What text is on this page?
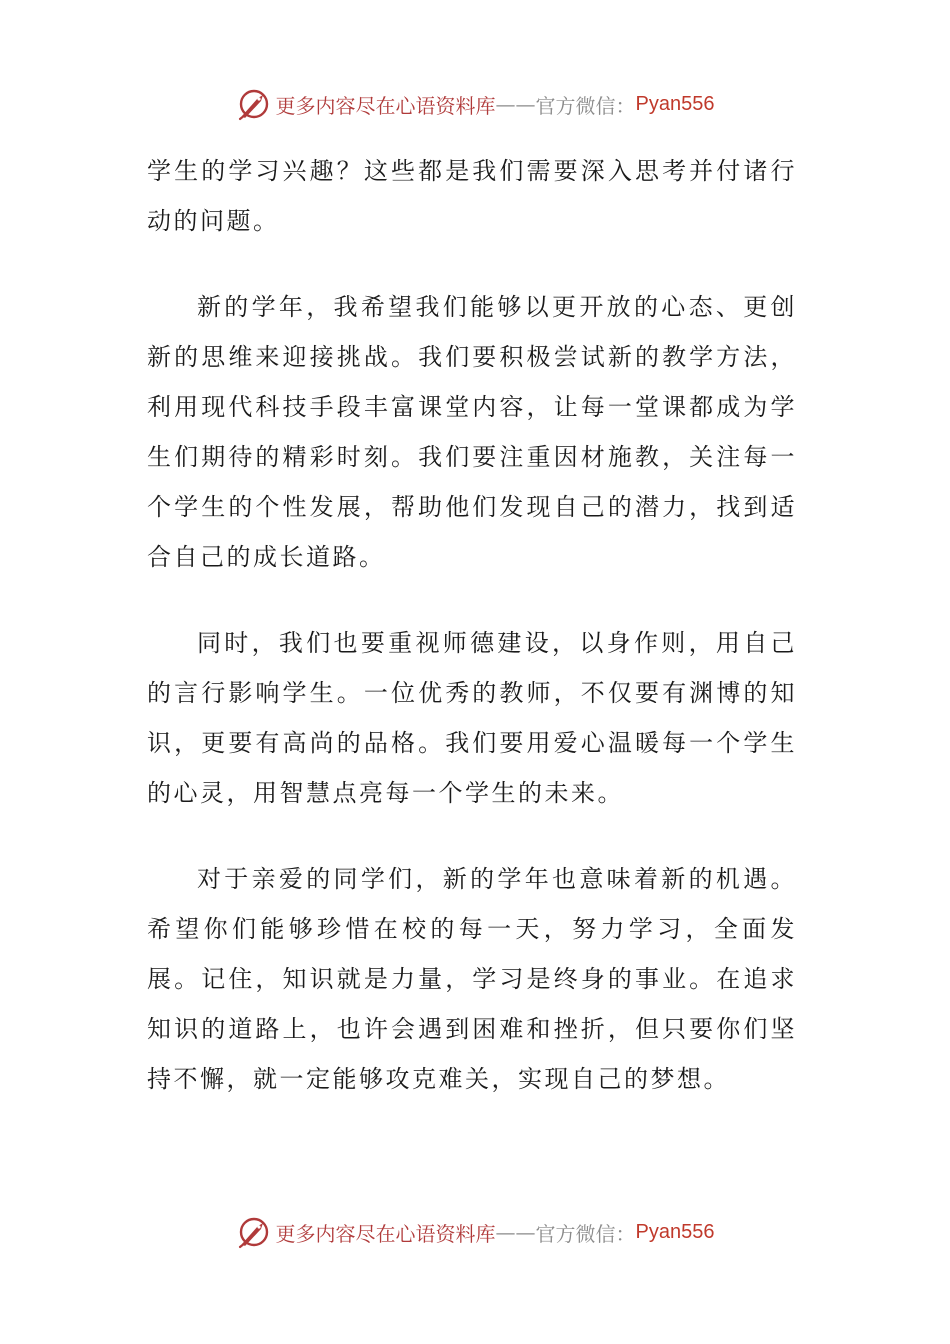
更多内容尽在心语资料库 —— 官方微信： Pyan556

学生的学习兴趣？这些都是我们需要深入思考并付诸行动的问题。

新的学年，我希望我们能够以更开放的心态、更创新的思维来迎接挑战。我们要积极尝试新的教学方法，利用现代科技手段丰富课堂内容，让每一堂课都成为学生们期待的精彩时刻。我们要注重因材施教，关注每一个学生的个性发展，帮助他们发现自己的潜力，找到适合自己的成长道路。

同时，我们也要重视师德建设，以身作则，用自己的言行影响学生。一位优秀的教师，不仅要有渊博的知识，更要有高尚的品格。我们要用爱心温暖每一个学生的心灵，用智慧点亮每一个学生的未来。

对于亲爱的同学们，新的学年也意味着新的机遇。希望你们能够珍惜在校的每一天，努力学习，全面发展。记住，知识就是力量，学习是终身的事业。在追求知识的道路上，也许会遇到困难和挫折，但只要你们坚持不懈，就一定能够攻克难关，实现自己的梦想。

更多内容尽在心语资料库 —— 官方微信： Pyan556
